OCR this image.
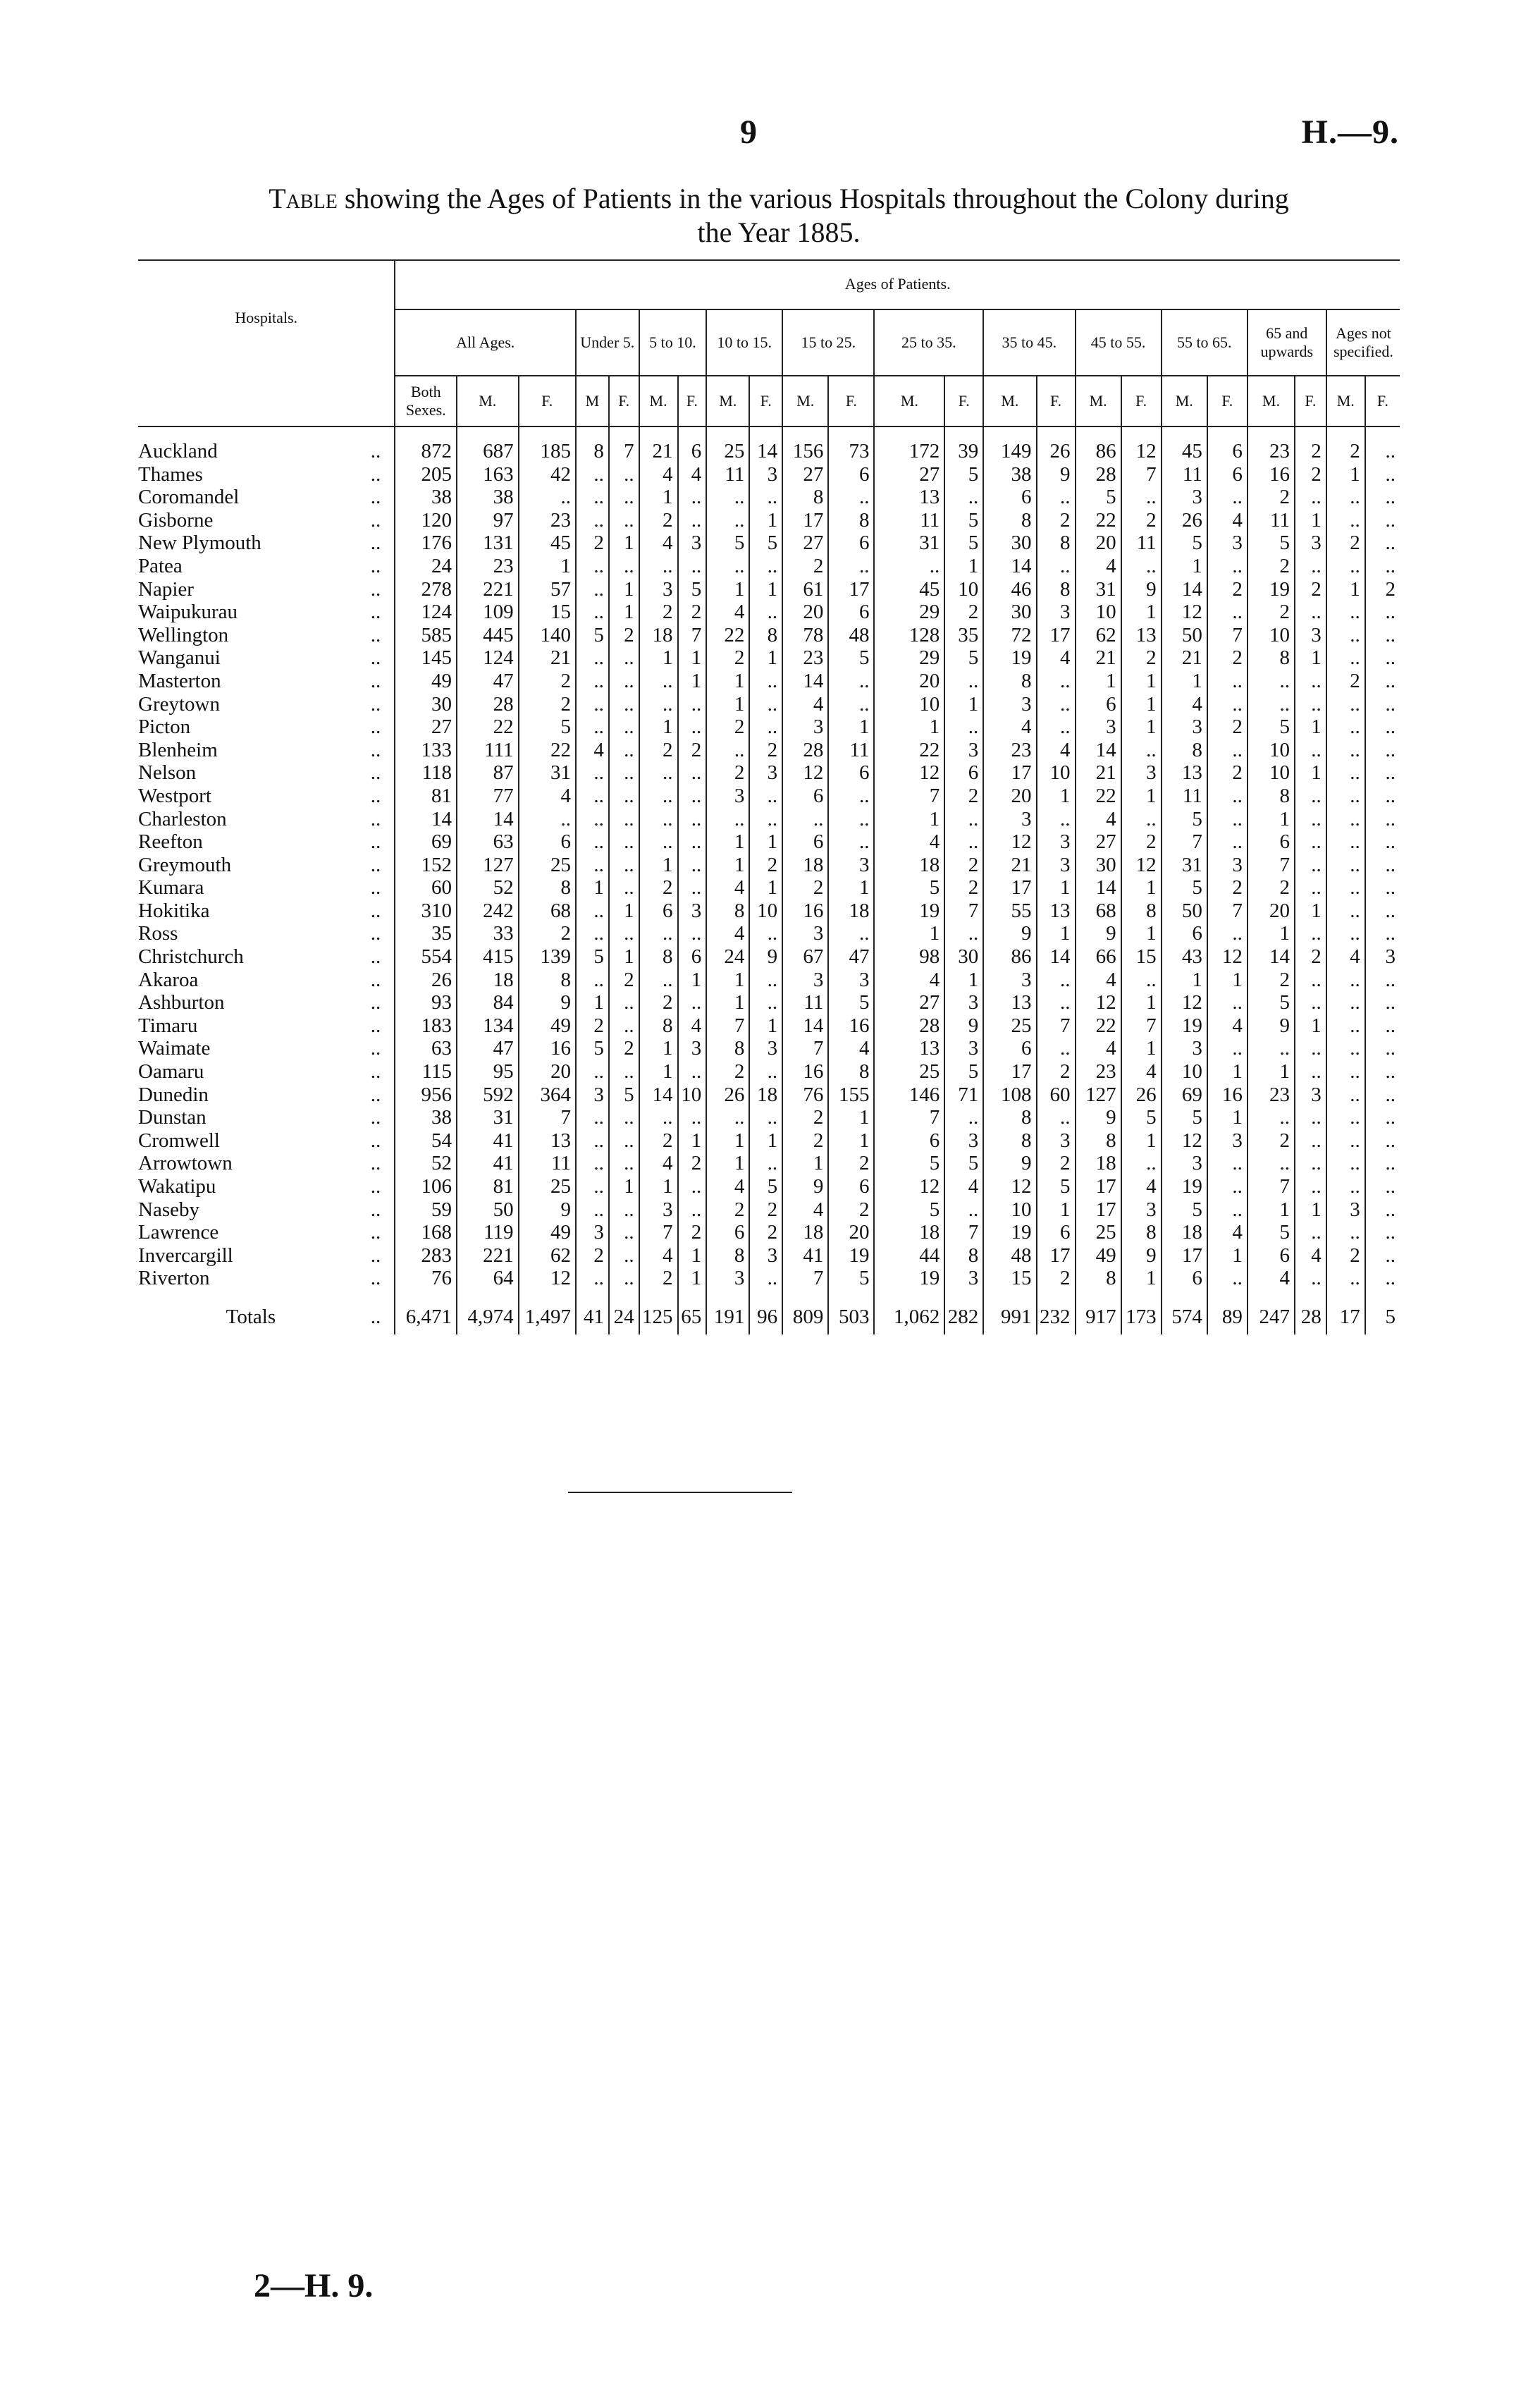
9	H.—9.
Table showing the Ages of Patients in the various Hospitals throughout the Colony during
the Year 1885.
Hospitals.		Ages of Patients.																						
		All Ages.			Under 5.		5 to 10.		10 to 15.		15 to 25.		25 to 35.		35 to 45.		45 to 55.		55 to 65.		65 and upwards		Ages not specified.	
		Both Sexes.	M.	F.	M	F.	M.	F.	M.	F.	M.	F.	M.	F.	M.	F.	M.	F.	M.	F.	M.	F.	M.	F.
Auckland	..	872	687	185	8	7	21	6	25	14	156	73	172	39	149	26	86	12	45	6	23	2	2	..
Thames	..	205	163	42	..	..	4	4	11	3	27	6	27	5	38	9	28	7	11	6	16	2	1	..
Coromandel	..	38	38	..	..	..	1	..	..	..	8	..	13	..	6	..	5	..	3	..	2	..	..	..
Gisborne	..	120	97	23	..	..	2	..	..	1	17	8	11	5	8	2	22	2	26	4	11	1	..	..
New Plymouth	..	176	131	45	2	1	4	3	5	5	27	6	31	5	30	8	20	11	5	3	5	3	2	..
Patea	..	24	23	1	..	..	..	..	..	..	2	..	..	1	14	..	4	..	1	..	2	..	..	..
Napier	..	278	221	57	..	1	3	5	1	1	61	17	45	10	46	8	31	9	14	2	19	2	1	2
Waipukurau	..	124	109	15	..	1	2	2	4	..	20	6	29	2	30	3	10	1	12	..	2	..	..	..
Wellington	..	585	445	140	5	2	18	7	22	8	78	48	128	35	72	17	62	13	50	7	10	3	..	..
Wanganui	..	145	124	21	..	..	1	1	2	1	23	5	29	5	19	4	21	2	21	2	8	1	..	..
Masterton	..	49	47	2	..	..	..	1	1	..	14	..	20	..	8	..	1	1	1	..	..	..	2	..
Greytown	..	30	28	2	..	..	..	..	1	..	4	..	10	1	3	..	6	1	4	..	..	..	..	..
Picton	..	27	22	5	..	..	1	..	2	..	3	1	1	..	4	..	3	1	3	2	5	1	..	..
Blenheim	..	133	111	22	4	..	2	2	..	2	28	11	22	3	23	4	14	..	8	..	10	..	..	..
Nelson	..	118	87	31	..	..	..	..	2	3	12	6	12	6	17	10	21	3	13	2	10	1	..	..
Westport	..	81	77	4	..	..	..	..	3	..	6	..	7	2	20	1	22	1	11	..	8	..	..	..
Charleston	..	14	14	..	..	..	..	..	..	..	..	..	1	..	3	..	4	..	5	..	1	..	..	..
Reefton	..	69	63	6	..	..	..	..	1	1	6	..	4	..	12	3	27	2	7	..	6	..	..	..
Greymouth	..	152	127	25	..	..	1	..	1	2	18	3	18	2	21	3	30	12	31	3	7	..	..	..
Kumara	..	60	52	8	1	..	2	..	4	1	2	1	5	2	17	1	14	1	5	2	2	..	..	..
Hokitika	..	310	242	68	..	1	6	3	8	10	16	18	19	7	55	13	68	8	50	7	20	1	..	..
Ross	..	35	33	2	..	..	..	..	4	..	3	..	1	..	9	1	9	1	6	..	1	..	..	..
Christchurch	..	554	415	139	5	1	8	6	24	9	67	47	98	30	86	14	66	15	43	12	14	2	4	3
Akaroa	..	26	18	8	..	2	..	1	1	..	3	3	4	1	3	..	4	..	1	1	2	..	..	..
Ashburton	..	93	84	9	1	..	2	..	1	..	11	5	27	3	13	..	12	1	12	..	5	..	..	..
Timaru	..	183	134	49	2	..	8	4	7	1	14	16	28	9	25	7	22	7	19	4	9	1	..	..
Waimate	..	63	47	16	5	2	1	3	8	3	7	4	13	3	6	..	4	1	3	..	..	..	..	..
Oamaru	..	115	95	20	..	..	1	..	2	..	16	8	25	5	17	2	23	4	10	1	1	..	..	..
Dunedin	..	956	592	364	3	5	14	10	26	18	76	155	146	71	108	60	127	26	69	16	23	3	..	..
Dunstan	..	38	31	7	..	..	..	..	..	..	2	1	7	..	8	..	9	5	5	1	..	..	..	..
Cromwell	..	54	41	13	..	..	2	1	1	1	2	1	6	3	8	3	8	1	12	3	2	..	..	..
Arrowtown	..	52	41	11	..	..	4	2	1	..	1	2	5	5	9	2	18	..	3	..	..	..	..	..
Wakatipu	..	106	81	25	..	1	1	..	4	5	9	6	12	4	12	5	17	4	19	..	7	..	..	..
Naseby	..	59	50	9	..	..	3	..	2	2	4	2	5	..	10	1	17	3	5	..	1	1	3	..
Lawrence	..	168	119	49	3	..	7	2	6	2	18	20	18	7	19	6	25	8	18	4	5	..	..	..
Invercargill	..	283	221	62	2	..	4	1	8	3	41	19	44	8	48	17	49	9	17	1	6	4	2	..
Riverton	..	76	64	12	..	..	2	1	3	..	7	5	19	3	15	2	8	1	6	..	4	..	..	..
Totals	..	6,471	4,974	1,497	41	24	125	65	191	96	809	503	1,062	282	991	232	917	173	574	89	247	28	17	5
2—H. 9.
